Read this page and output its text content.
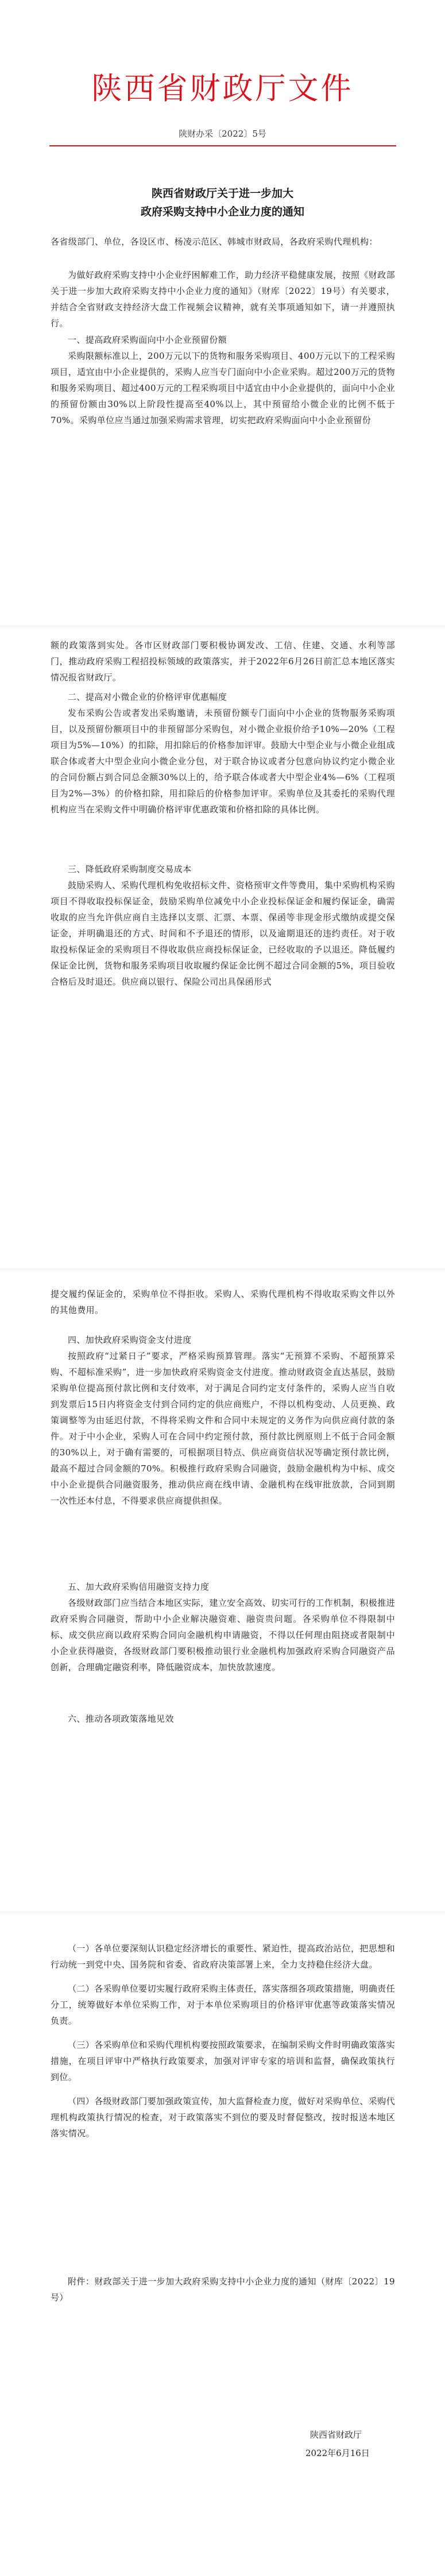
陕西省财政厅文件
陕财办采〔2022〕5号
陕西省财政厅关于进一步加大
政府采购支持中小企业力度的通知

各省级部门、单位，各设区市、杨凌示范区、韩城市财政局，各政府采购代理机构：

为做好政府采购支持中小企业纾困解难工作，助力经济平稳健康发展，按照《财政部关于进一步加大政府采购支持中小企业力度的通知》（财库〔2022〕19号）有关要求，并结合全省财政支持经济大盘工作视频会议精神，就有关事项通知如下，请一并遵照执行。

一、提高政府采购面向中小企业预留份额

采购限额标准以上，200万元以下的货物和服务采购项目、400万元以下的工程采购项目，适宜由中小企业提供的，采购人应当专门面向中小企业采购。超过200万元的货物和服务采购项目、超过400万元的工程采购项目中适宜由中小企业提供的，面向中小企业的预留份额由30%以上阶段性提高至40%以上，其中预留给小微企业的比例不低于70%。采购单位应当通过加强采购需求管理，切实把政府采购面向中小企业预留份

额的政策落到实处。各市区财政部门要积极协调发改、工信、住建、交通、水利等部门，推动政府采购工程招投标领域的政策落实，并于2022年6月26日前汇总本地区落实情况报省财政厅。

二、提高对小微企业的价格评审优惠幅度

发布采购公告或者发出采购邀请，未预留份额专门面向中小企业的货物服务采购项目，以及预留份额项目中的非预留部分采购包，对小微企业报价给予10%—20%（工程项目为5%—10%）的扣除，用扣除后的价格参加评审。鼓励大中型企业与小微企业组成联合体或者大中型企业向小微企业分包，对于联合协议或者分包意向协议约定小微企业的合同份额占到合同总金额30%以上的，给予联合体或者大中型企业4%—6%（工程项目为2%—3%）的价格扣除，用扣除后的价格参加评审。采购单位及其委托的采购代理机构应当在采购文件中明确价格评审优惠政策和价格扣除的具体比例。

三、降低政府采购制度交易成本

鼓励采购人、采购代理机构免收招标文件、资格预审文件等费用，集中采购机构采购项目不得收取投标保证金，鼓励采购单位减免中小企业投标保证金和履约保证金，确需收取的应当允许供应商自主选择以支票、汇票、本票、保函等非现金形式缴纳或提交保证金，并明确退还的方式、时间和不予退还的情形，以及逾期退还的违约责任。对于收取投标保证金的采购项目不得收取供应商投标保证金，已经收取的予以退还。降低履约保证金比例，货物和服务采购项目收取履约保证金比例不超过合同金额的5%，项目验收合格后及时退还。供应商以银行、保险公司出具保函形式

提交履约保证金的，采购单位不得拒收。采购人、采购代理机构不得收取采购文件以外的其他费用。

四、加快政府采购资金支付进度

按照政府“过紧日子”要求，严格采购预算管理。落实“无预算不采购、不超预算采购、不超标准采购”，进一步加快政府采购资金支付进度。推动财政资金直达基层，鼓励采购单位提高预付款比例和支付效率，对于满足合同约定支付条件的，采购人应当自收到发票后15日内将资金支付到合同约定的供应商账户，不得以机构变动、人员更换、政策调整等为由延迟付款，不得将采购文件和合同中未规定的义务作为向供应商付款的条件。对于中小企业，采购人可在合同中约定预付款，预付款比例原则上不低于合同金额的30%以上，对于确有需要的，可根据项目特点、供应商资信状况等确定预付款比例，最高不超过合同金额的70%。积极推行政府采购合同融资，鼓励金融机构为中标、成交中小企业提供合同融资服务，推动供应商在线申请、金融机构在线审批放款，合同到期一次性还本付息，不得要求供应商提供担保。

五、加大政府采购信用融资支持力度

各级财政部门应当结合本地区实际，建立安全高效、切实可行的工作机制，积极推进政府采购合同融资，帮助中小企业解决融资难、融资贵问题。各采购单位不得限制中标、成交供应商以政府采购合同向金融机构申请融资，不得以任何理由阻挠或者限制中小企业获得融资，各级财政部门要积极推动银行业金融机构加强政府采购合同融资产品创新，合理确定融资利率，降低融资成本，加快放款速度。

六、推动各项政策落地见效

（一）各单位要深刻认识稳定经济增长的重要性、紧迫性，提高政治站位，把思想和行动统一到党中央、国务院和省委、省政府决策部署上来，全力支持稳住经济大盘。

（二）各采购单位要切实履行政府采购主体责任，落实落细各项政策措施，明确责任分工，统筹做好本单位采购工作，对于本单位采购项目的价格评审优惠等政策落实情况负责。

（三）各采购单位和采购代理机构要按照政策要求，在编制采购文件时明确政策落实措施，在项目评审中严格执行政策要求，加强对评审专家的培训和监督，确保政策执行到位。

（四）各级财政部门要加强政策宣传，加大监督检查力度，做好对采购单位、采购代理机构政策执行情况的检查，对于政策落实不到位的要及时督促整改，按时报送本地区落实情况。

附件：财政部关于进一步加大政府采购支持中小企业力度的通知（财库〔2022〕19号）

陕西省财政厅
2022年6月16日
